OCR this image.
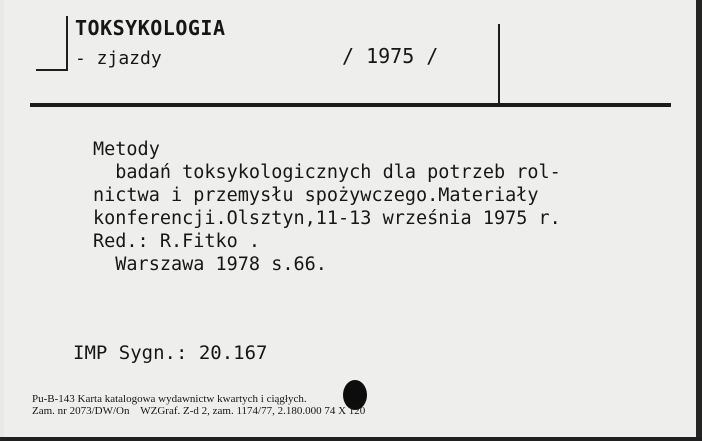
TOKSYKOLOGIA
- zjazdy	/ 1975 /
Metody
badań toksykologicznych dla potrzeb rol-
nictwa i przemysłu spożywczego.Materiały
konferencji.Olsztyn,11-13 września 1975 r.
Red.: R.Fitko .
Warszawa 1978 s.66.
IMP Sygn.: 20.167
Pu-B-143 Karta katalogowa wydawnictw kwartych i ciągłych.
Zam. nr 2073/DW/On    WZGraf. Z-d 2, zam. 1174/77, 2.180.000 74 X 120
